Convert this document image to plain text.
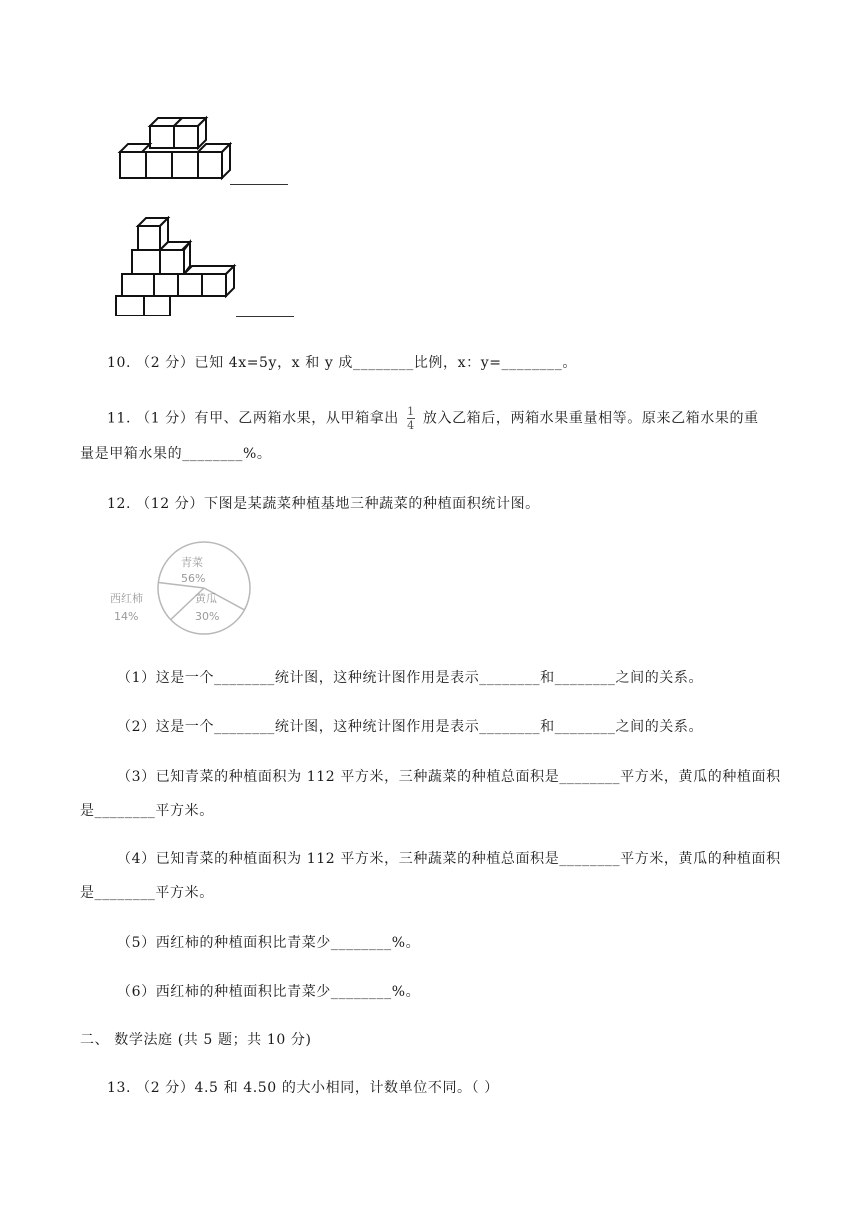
10. （2 分）已知 4x=5y，x 和 y 成________比例，x：y=________。
11. （1 分）有甲、乙两箱水果，从甲箱拿出 $\frac{1}{4}$ 放入乙箱后，两箱水果重量相等。原来乙箱水果的重
量是甲箱水果的________%。
12. （12 分）下图是某蔬菜种植基地三种蔬菜的种植面积统计图。
青菜
56%
黄瓜
30%
西红柿
14%
（1）这是一个________统计图，这种统计图作用是表示________和________之间的关系。
（2）这是一个________统计图，这种统计图作用是表示________和________之间的关系。
（3）已知青菜的种植面积为 112 平方米，三种蔬菜的种植总面积是________平方米，黄瓜的种植面积
是________平方米。
（4）已知青菜的种植面积为 112 平方米，三种蔬菜的种植总面积是________平方米，黄瓜的种植面积
是________平方米。
（5）西红柿的种植面积比青菜少________%。
（6）西红柿的种植面积比青菜少________%。
二、 数学法庭 (共 5 题；共 10 分)
13. （2 分）4.5 和 4.50 的大小相同，计数单位不同。（ ）
